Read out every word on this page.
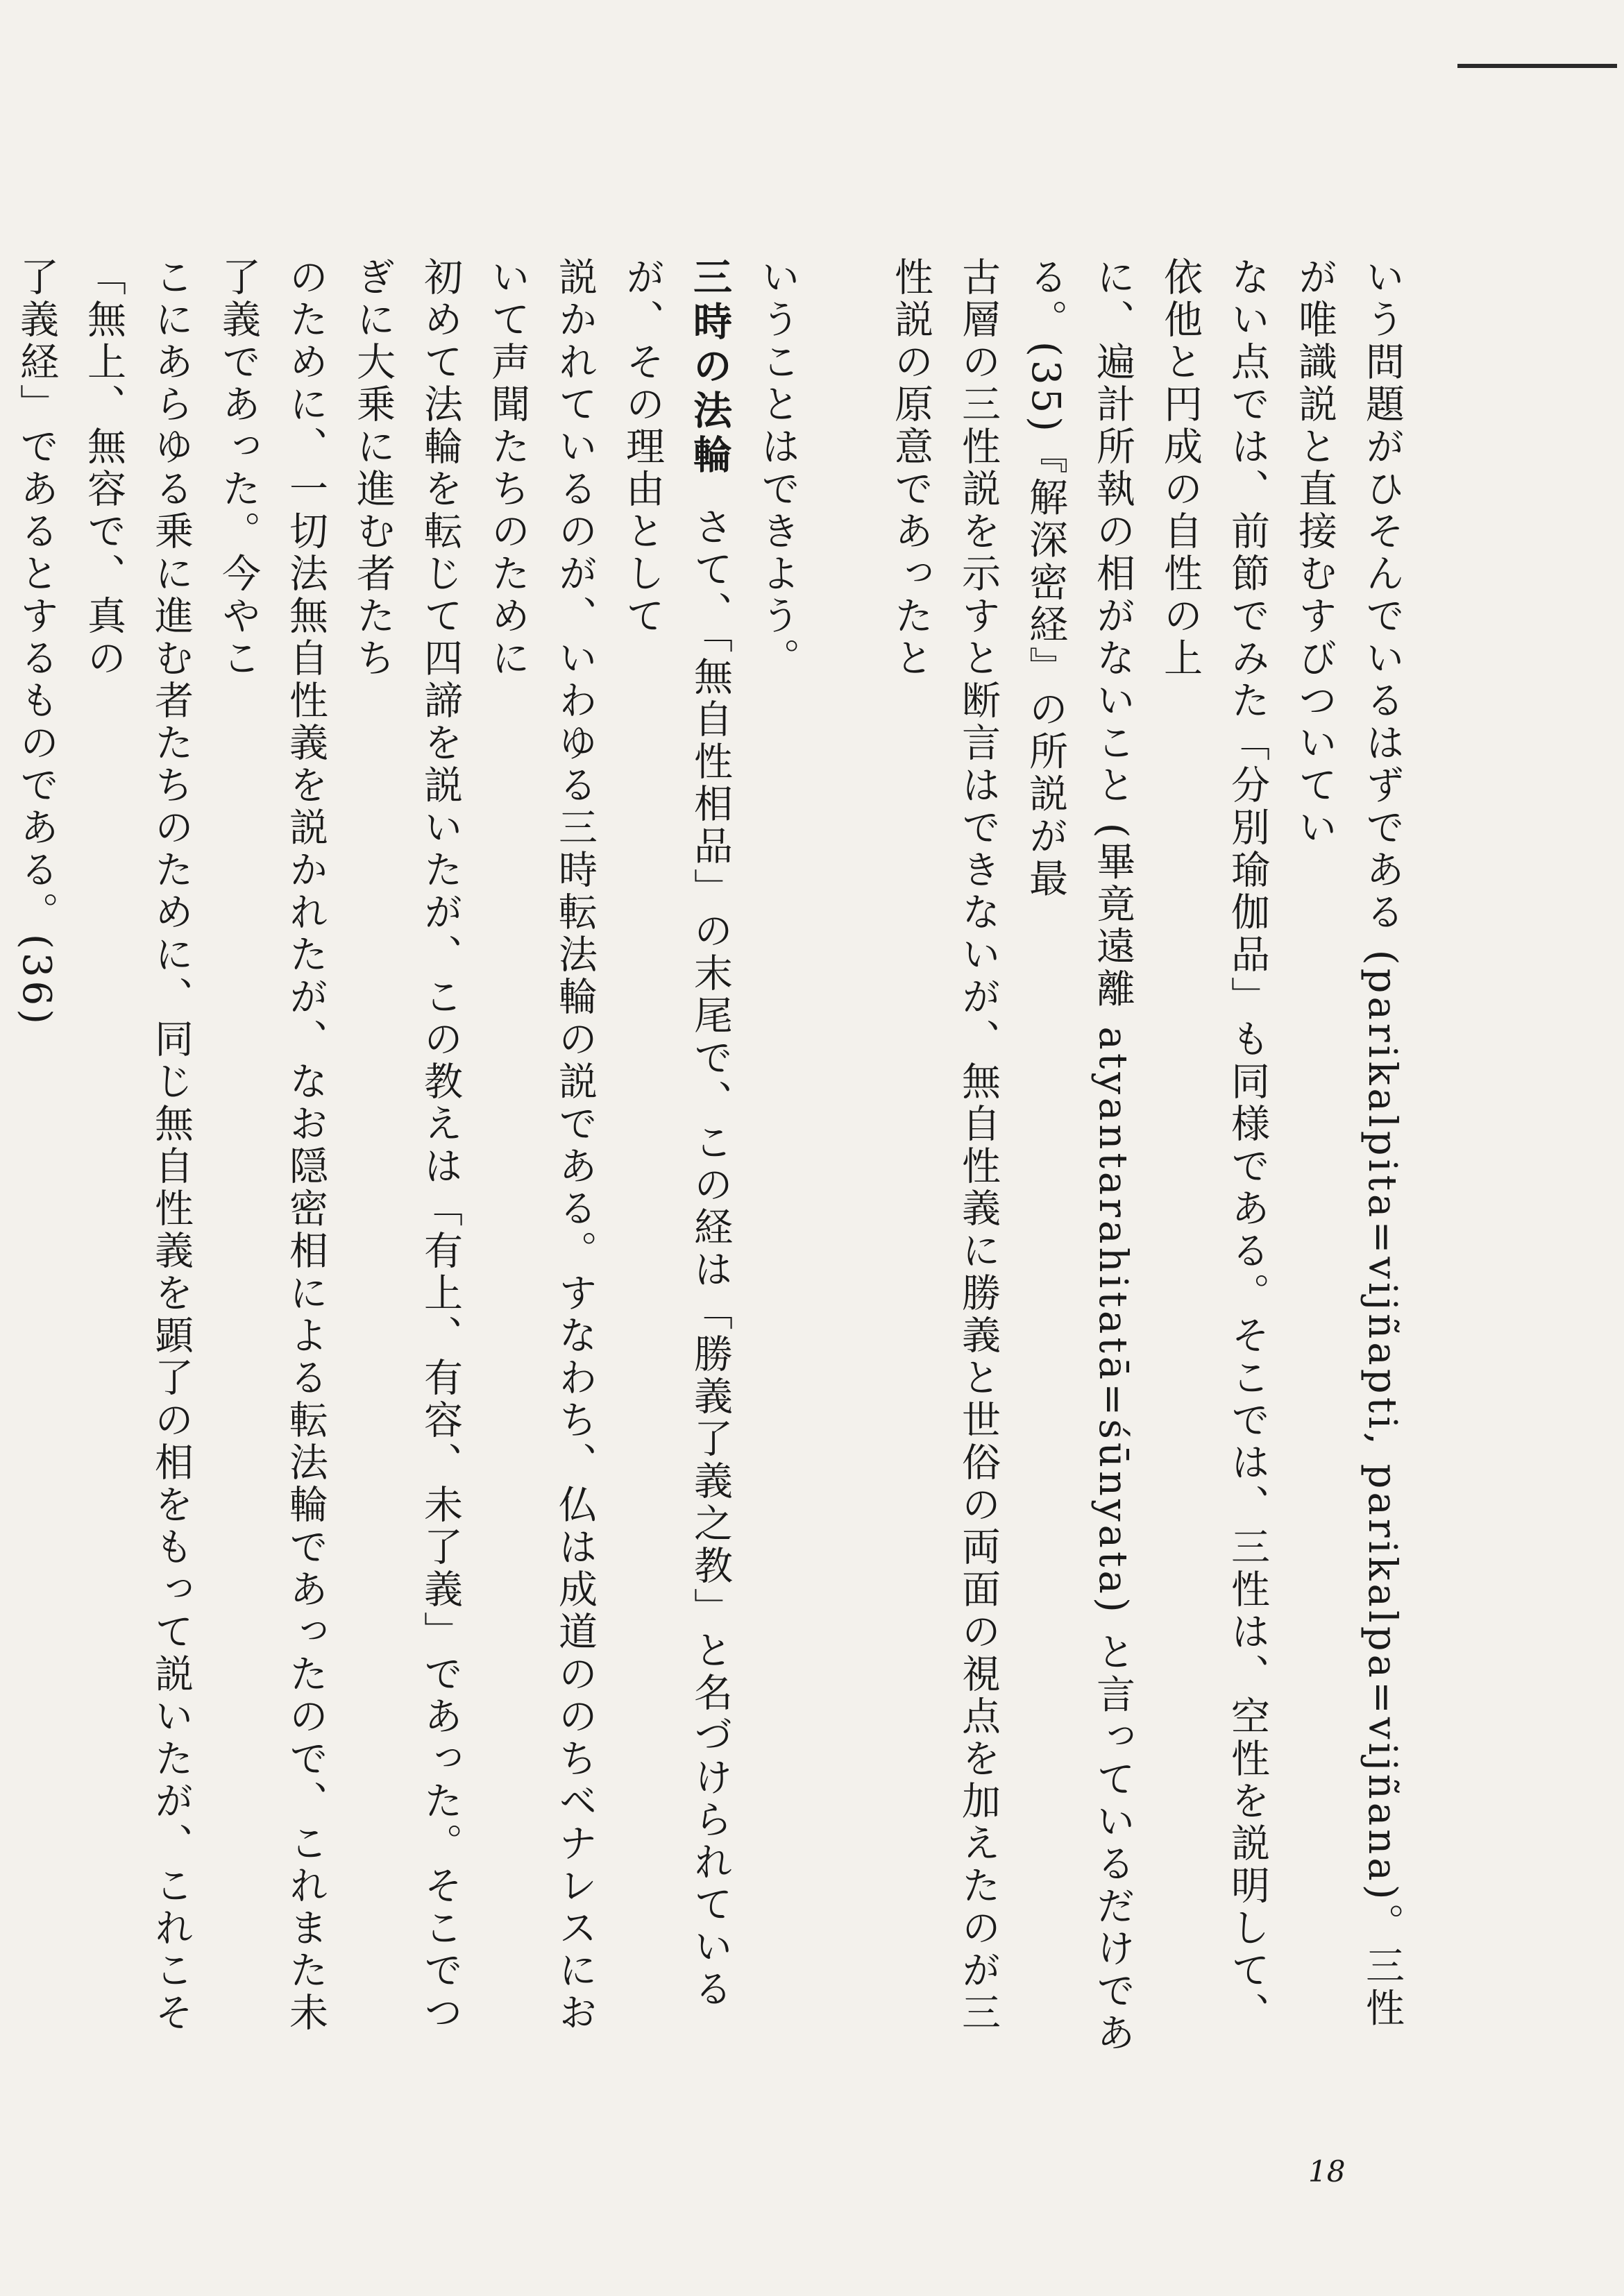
いう問題がひそんでいるはずである (parikalpita=vijñapti, parikalpa=vijñana)。三性が唯識説と直接むすびついてい

ない点では、前節でみた「分別瑜伽品」も同様である。そこでは、三性は、空性を説明して、依他と円成の自性の上

に、遍計所執の相がないこと (畢竟遠離 atyantarahitatā=śūnyata) と言っているだけである。(35)『解深密経』の所説が最

古層の三性説を示すと断言はできないが、無自性義に勝義と世俗の両面の視点を加えたのが三性説の原意であったと

いうことはできよう。

三時の法輪さて、「無自性相品」の末尾で、この経は「勝義了義之教」と名づけられているが、その理由として

説かれているのが、いわゆる三時転法輪の説である。すなわち、仏は成道ののちベナレスにおいて声聞たちのために

初めて法輪を転じて四諦を説いたが、この教えは「有上、有容、未了義」であった。そこでつぎに大乗に進む者たち

のために、一切法無自性義を説かれたが、なお隠密相による転法輪であったので、これまた未了義であった。今やこ

こにあらゆる乗に進む者たちのために、同じ無自性義を顕了の相をもって説いたが、これこそ「無上、無容で、真の

了義経」であるとするものである。(36)

18
